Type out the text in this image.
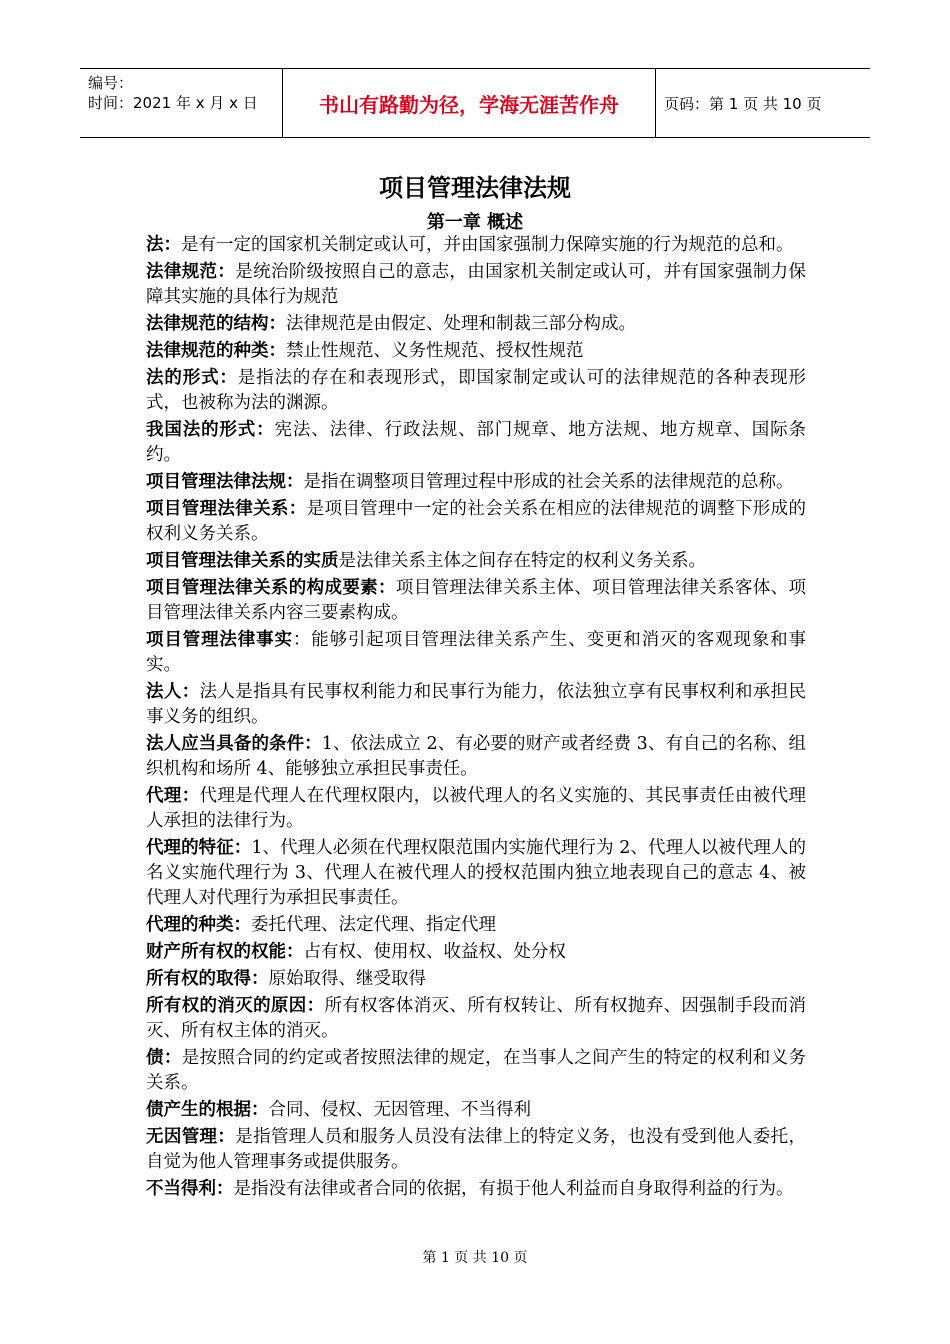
编号：
时间：2021 年 x 月 x 日	书山有路勤为径，学海无涯苦作舟	页码：第 1 页 共 10 页
项目管理法律法规
第一章 概述

法：是有一定的国家机关制定或认可，并由国家强制力保障实施的行为规范的总和。

法律规范：是统治阶级按照自己的意志，由国家机关制定或认可，并有国家强制力保障其实施的具体行为规范

法律规范的结构：法律规范是由假定、处理和制裁三部分构成。

法律规范的种类：禁止性规范、义务性规范、授权性规范

法的形式：是指法的存在和表现形式，即国家制定或认可的法律规范的各种表现形式，也被称为法的渊源。

我国法的形式：宪法、法律、行政法规、部门规章、地方法规、地方规章、国际条约。

项目管理法律法规：是指在调整项目管理过程中形成的社会关系的法律规范的总称。

项目管理法律关系：是项目管理中一定的社会关系在相应的法律规范的调整下形成的权利义务关系。

项目管理法律关系的实质是法律关系主体之间存在特定的权利义务关系。

项目管理法律关系的构成要素：项目管理法律关系主体、项目管理法律关系客体、项目管理法律关系内容三要素构成。

项目管理法律事实：能够引起项目管理法律关系产生、变更和消灭的客观现象和事实。

法人：法人是指具有民事权利能力和民事行为能力，依法独立享有民事权利和承担民事义务的组织。

法人应当具备的条件：1、依法成立 2、有必要的财产或者经费 3、有自己的名称、组织机构和场所 4、能够独立承担民事责任。

代理：代理是代理人在代理权限内，以被代理人的名义实施的、其民事责任由被代理人承担的法律行为。

代理的特征：1、代理人必须在代理权限范围内实施代理行为 2、代理人以被代理人的名义实施代理行为 3、代理人在被代理人的授权范围内独立地表现自己的意志 4、被代理人对代理行为承担民事责任。

代理的种类：委托代理、法定代理、指定代理

财产所有权的权能：占有权、使用权、收益权、处分权

所有权的取得：原始取得、继受取得

所有权的消灭的原因：所有权客体消灭、所有权转让、所有权抛弃、因强制手段而消灭、所有权主体的消灭。

债：是按照合同的约定或者按照法律的规定，在当事人之间产生的特定的权利和义务关系。

债产生的根据：合同、侵权、无因管理、不当得利

无因管理：是指管理人员和服务人员没有法律上的特定义务，也没有受到他人委托，自觉为他人管理事务或提供服务。

不当得利：是指没有法律或者合同的依据，有损于他人利益而自身取得利益的行为。

第 1 页 共 10 页
